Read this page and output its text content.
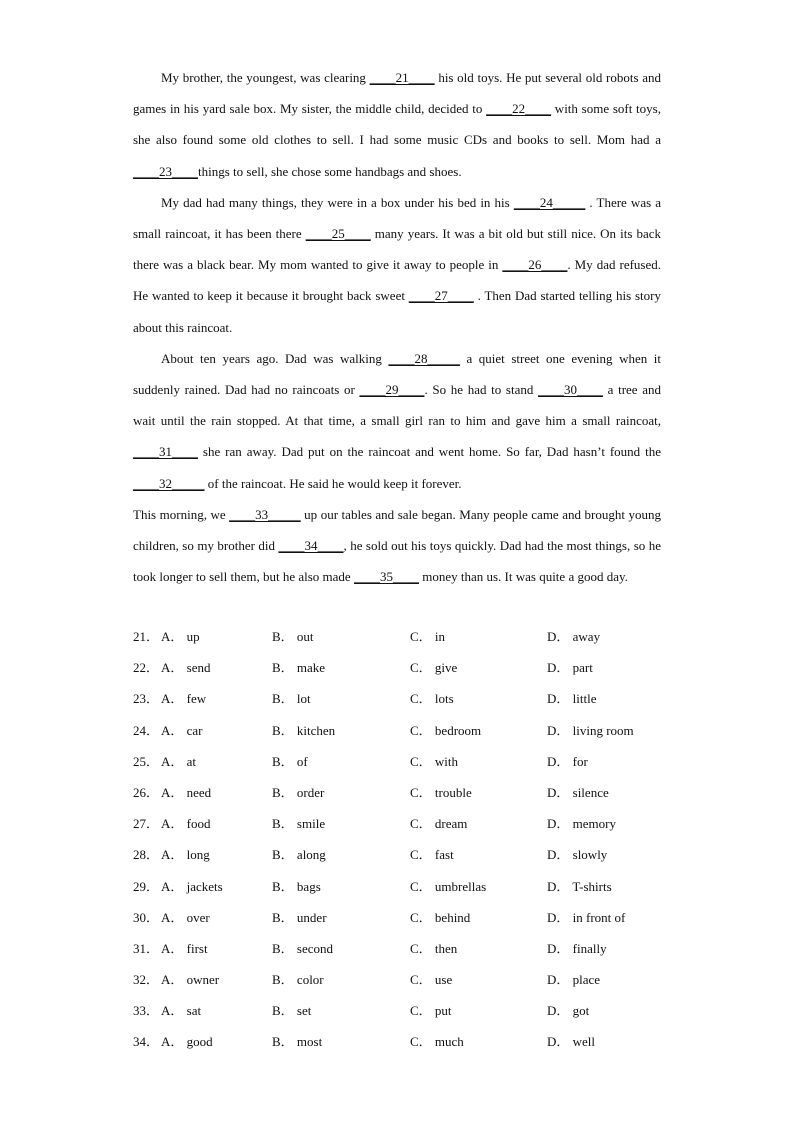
My brother, the youngest, was clearing ____21____ his old toys. He put several old robots and games in his yard sale box. My sister, the middle child, decided to ____22____ with some soft toys, she also found some old clothes to sell. I had some music CDs and books to sell. Mom had a ____23____things to sell, she chose some handbags and shoes.

My dad had many things, they were in a box under his bed in his ____24_____ . There was a small raincoat, it has been there ____25____ many years. It was a bit old but still nice. On its back there was a black bear. My mom wanted to give it away to people in ____26____. My dad refused. He wanted to keep it because it brought back sweet ____27____ . Then Dad started telling his story about this raincoat.

About ten years ago. Dad was walking ____28_____ a quiet street one evening when it suddenly rained. Dad had no raincoats or ____29____. So he had to stand ____30____ a tree and wait until the rain stopped. At that time, a small girl ran to him and gave him a small raincoat, ____31____ she ran away. Dad put on the raincoat and went home. So far, Dad hasn’t found the ____32_____ of the raincoat. He said he would keep it forever.

This morning, we ____33_____ up our tables and sale began. Many people came and brought young children, so my brother did ____34____, he sold out his toys quickly. Dad had the most things, so he took longer to sell them, but he also made ____35____ money than us. It was quite a good day.

21． A． up	B． out	C． in	D． away
22． A． send	B． make	C． give	D． part
23． A． few	B． lot	C． lots	D． little
24． A． car	B． kitchen	C． bedroom	D． living room
25． A． at	B． of	C． with	D． for
26． A． need	B． order	C． trouble	D． silence
27． A． food	B． smile	C． dream	D． memory
28． A． long	B． along	C． fast	D． slowly
29． A． jackets	B． bags	C． umbrellas	D． T-shirts
30． A． over	B． under	C． behind	D． in front of
31． A． first	B． second	C． then	D． finally
32． A． owner	B． color	C． use	D． place
33． A． sat	B． set	C． put	D． got
34． A． good	B． most	C． much	D． well
